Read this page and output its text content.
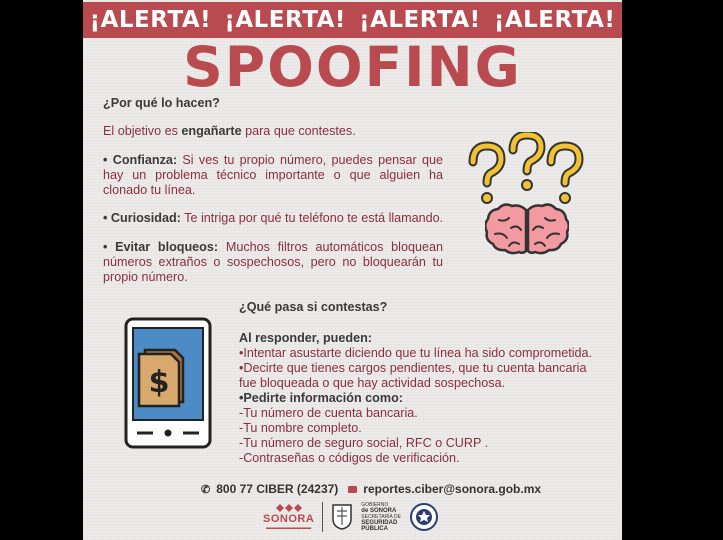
¡ALERTA! ¡ALERTA! ¡ALERTA! ¡ALERTA!
SPOOFING
¿Por qué lo hacen?
El objetivo es engañarte para que contestes.
• Confianza: Si ves tu propio número, puedes pensar que hay un problema técnico importante o que alguien ha clonado tu línea.
• Curiosidad: Te intriga por qué tu teléfono te está llamando.
• Evitar bloqueos: Muchos filtros automáticos bloquean números extraños o sospechosos, pero no bloquearán tu propio número.
$
¿Qué pasa si contestas?
Al responder, pueden:
•Intentar asustarte diciendo que tu línea ha sido comprometida.
•Decirte que tienes cargos pendientes, que tu cuenta bancaria
fue bloqueada o que hay actividad sospechosa.
•Pedirte información como:
-Tu número de cuenta bancaria.
-Tu nombre completo.
-Tu número de seguro social, RFC o CURP .
-Contraseñas o códigos de verificación.
✆ 800 77 CIBER (24237) reportes.ciber@sonora.gob.mx
SONORA
▬▬▬▬▬▬▬▬▬
GOBIERNO
de SONORA
SECRETARÍA DE
SEGURIDAD
PÚBLICA
